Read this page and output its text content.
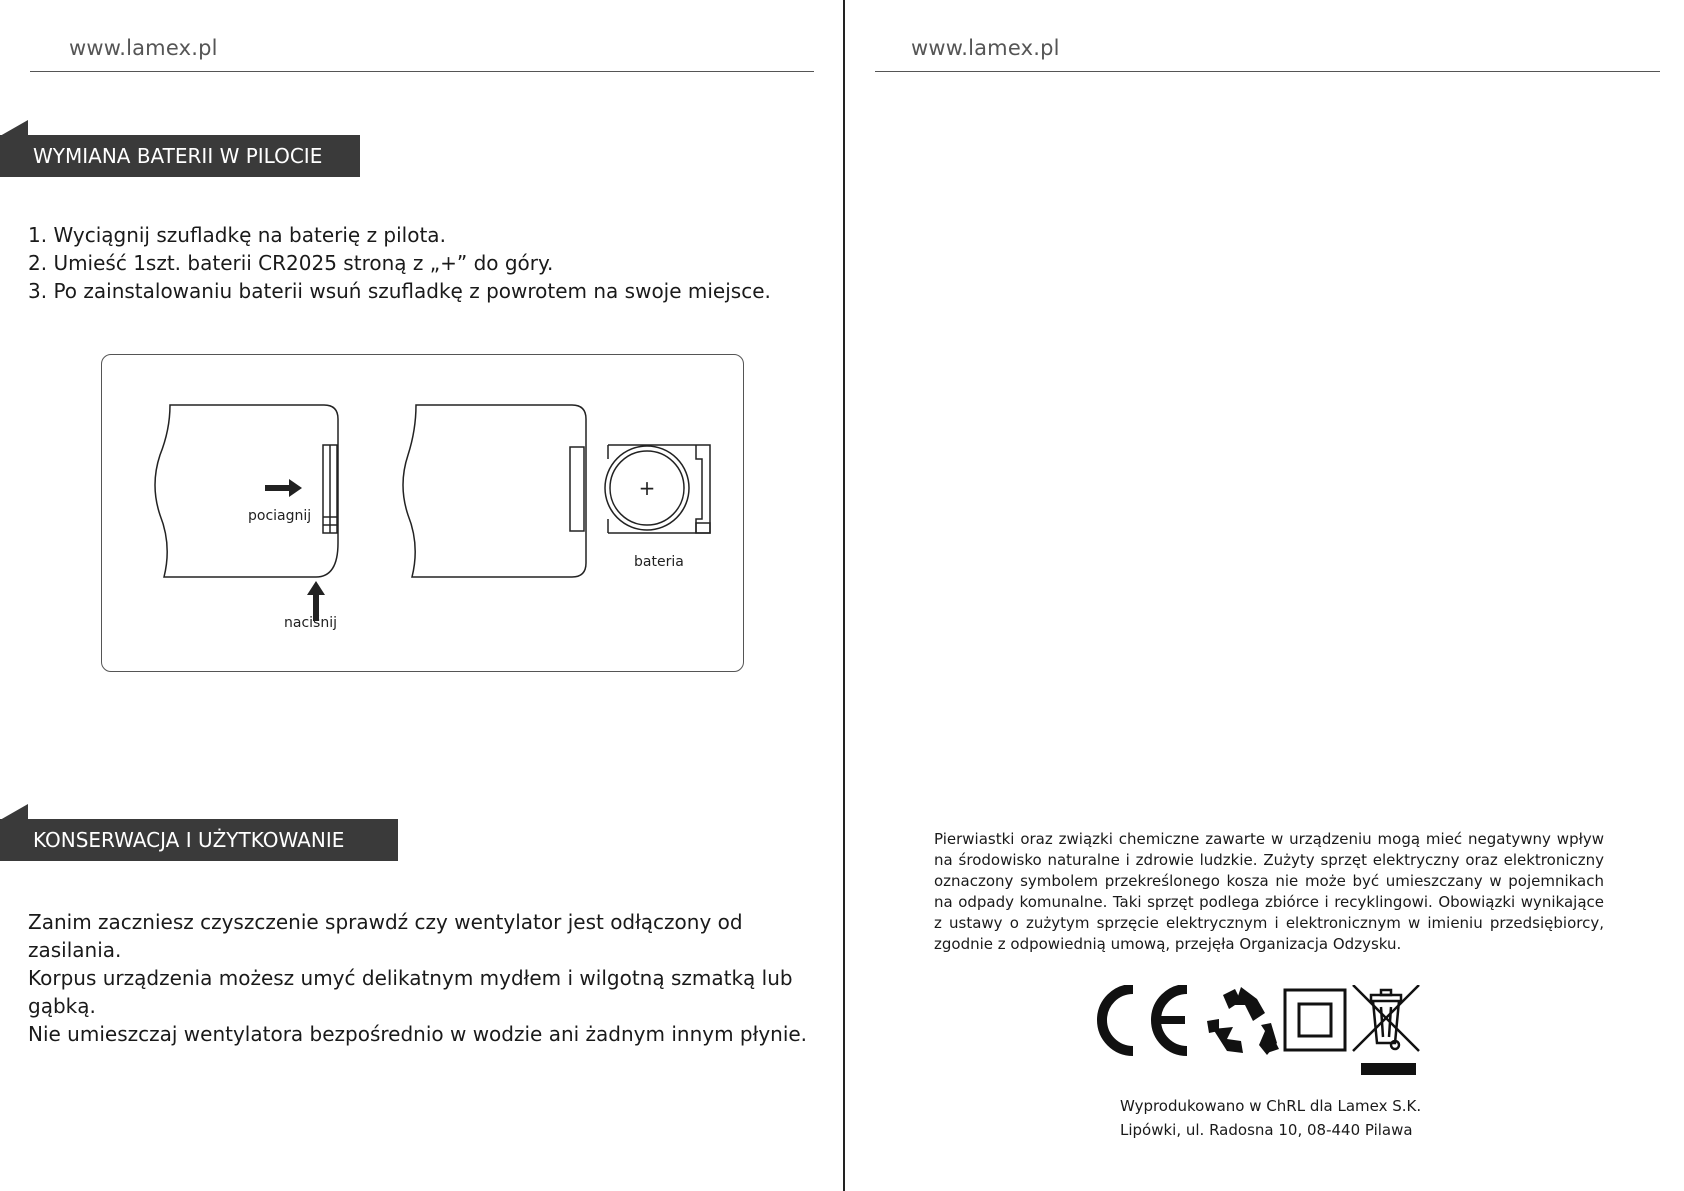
www.lamex.pl
WYMIANA BATERII W PILOCIE
1. Wyciągnij szufladkę na baterię z pilota.
2. Umieść 1szt. baterii CR2025 stroną z „+” do góry.
3. Po zainstalowaniu baterii wsuń szufladkę z powrotem na swoje miejsce.
+
pociagnij
naciśnij
bateria
KONSERWACJA I UŻYTKOWANIE

Zanim zaczniesz czyszczenie sprawdź czy wentylator jest odłączony od zasilania.

Korpus urządzenia możesz umyć delikatnym mydłem i wilgotną szmatką lub gąbką.

Nie umieszczaj wentylatora bezpośrednio w wodzie ani żadnym innym płynie.

www.lamex.pl

Pierwiastki oraz związki chemiczne zawarte w urządzeniu mogą mieć negatywny wpływ na środowisko naturalne i zdrowie ludzkie. Zużyty sprzęt elektryczny oraz elektroniczny oznaczony symbolem przekreślonego kosza nie może być umieszczany w pojemnikach na odpady komunalne. Taki sprzęt podlega zbiórce i recyklingowi. Obowiązki wynikające z ustawy o zużytym sprzęcie elektrycznym i elektronicznym w imieniu przedsiębiorcy, zgodnie z odpowiednią umową, przejęła Organizacja Odzysku.

Wyprodukowano w ChRL dla Lamex S.K.
Lipówki, ul. Radosna 10, 08-440 Pilawa
